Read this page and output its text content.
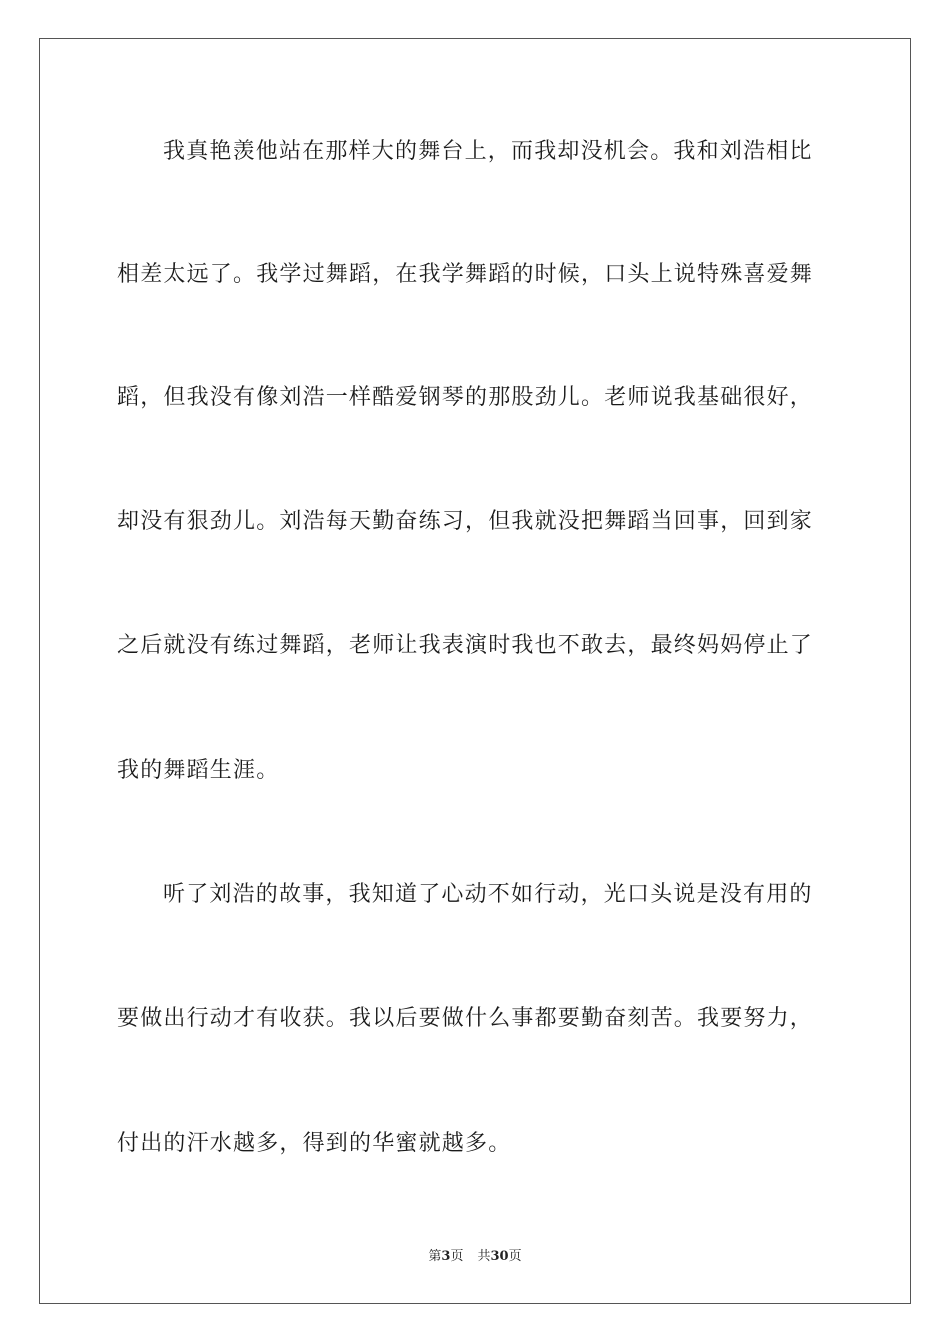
我真艳羡他站在那样大的舞台上，而我却没机会。我和刘浩相比
相差太远了。我学过舞蹈，在我学舞蹈的时候，口头上说特殊喜爱舞
蹈，但我没有像刘浩一样酷爱钢琴的那股劲儿。老师说我基础很好，
却没有狠劲儿。刘浩每天勤奋练习，但我就没把舞蹈当回事，回到家
之后就没有练过舞蹈，老师让我表演时我也不敢去，最终妈妈停止了
我的舞蹈生涯。
听了刘浩的故事，我知道了心动不如行动，光口头说是没有用的
要做出行动才有收获。我以后要做什么事都要勤奋刻苦。我要努力，
付出的汗水越多，得到的华蜜就越多。
第3页 共30页
